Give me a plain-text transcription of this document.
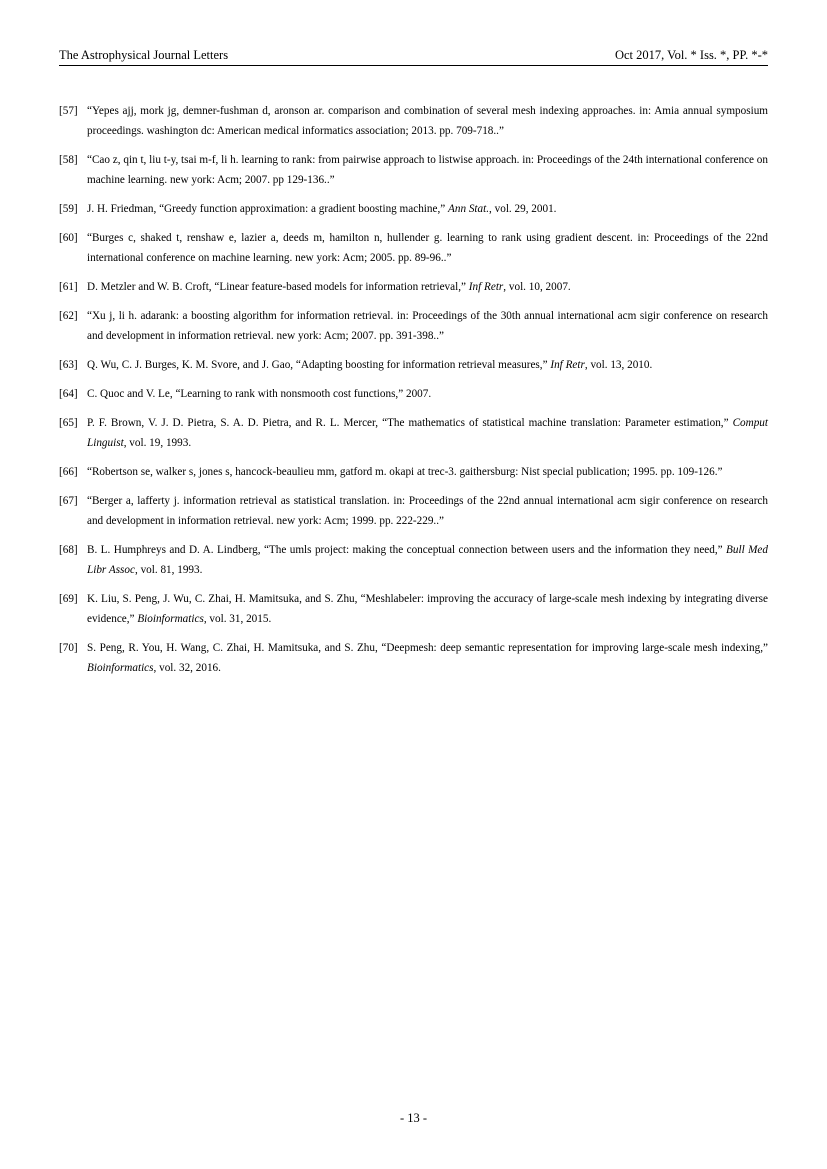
The Astrophysical Journal Letters	Oct 2017, Vol. * Iss. *, PP. *-*
[57] “Yepes ajj, mork jg, demner-fushman d, aronson ar. comparison and combination of several mesh indexing approaches. in: Amia annual symposium proceedings. washington dc: American medical informatics association; 2013. pp. 709-718..”
[58] “Cao z, qin t, liu t-y, tsai m-f, li h. learning to rank: from pairwise approach to listwise approach. in: Proceedings of the 24th international conference on machine learning. new york: Acm; 2007. pp 129-136..”
[59] J. H. Friedman, “Greedy function approximation: a gradient boosting machine,” Ann Stat., vol. 29, 2001.
[60] “Burges c, shaked t, renshaw e, lazier a, deeds m, hamilton n, hullender g. learning to rank using gradient descent. in: Proceedings of the 22nd international conference on machine learning. new york: Acm; 2005. pp. 89-96..”
[61] D. Metzler and W. B. Croft, “Linear feature-based models for information retrieval,” Inf Retr, vol. 10, 2007.
[62] “Xu j, li h. adarank: a boosting algorithm for information retrieval. in: Proceedings of the 30th annual international acm sigir conference on research and development in information retrieval. new york: Acm; 2007. pp. 391-398..”
[63] Q. Wu, C. J. Burges, K. M. Svore, and J. Gao, “Adapting boosting for information retrieval measures,” Inf Retr, vol. 13, 2010.
[64] C. Quoc and V. Le, “Learning to rank with nonsmooth cost functions,” 2007.
[65] P. F. Brown, V. J. D. Pietra, S. A. D. Pietra, and R. L. Mercer, “The mathematics of statistical machine translation: Parameter estimation,” Comput Linguist, vol. 19, 1993.
[66] “Robertson se, walker s, jones s, hancock-beaulieu mm, gatford m. okapi at trec-3. gaithersburg: Nist special publication; 1995. pp. 109-126.”
[67] “Berger a, lafferty j. information retrieval as statistical translation. in: Proceedings of the 22nd annual international acm sigir conference on research and development in information retrieval. new york: Acm; 1999. pp. 222-229..”
[68] B. L. Humphreys and D. A. Lindberg, “The umls project: making the conceptual connection between users and the information they need,” Bull Med Libr Assoc, vol. 81, 1993.
[69] K. Liu, S. Peng, J. Wu, C. Zhai, H. Mamitsuka, and S. Zhu, “Meshlabeler: improving the accuracy of large-scale mesh indexing by integrating diverse evidence,” Bioinformatics, vol. 31, 2015.
[70] S. Peng, R. You, H. Wang, C. Zhai, H. Mamitsuka, and S. Zhu, “Deepmesh: deep semantic representation for improving large-scale mesh indexing,” Bioinformatics, vol. 32, 2016.
- 13 -
